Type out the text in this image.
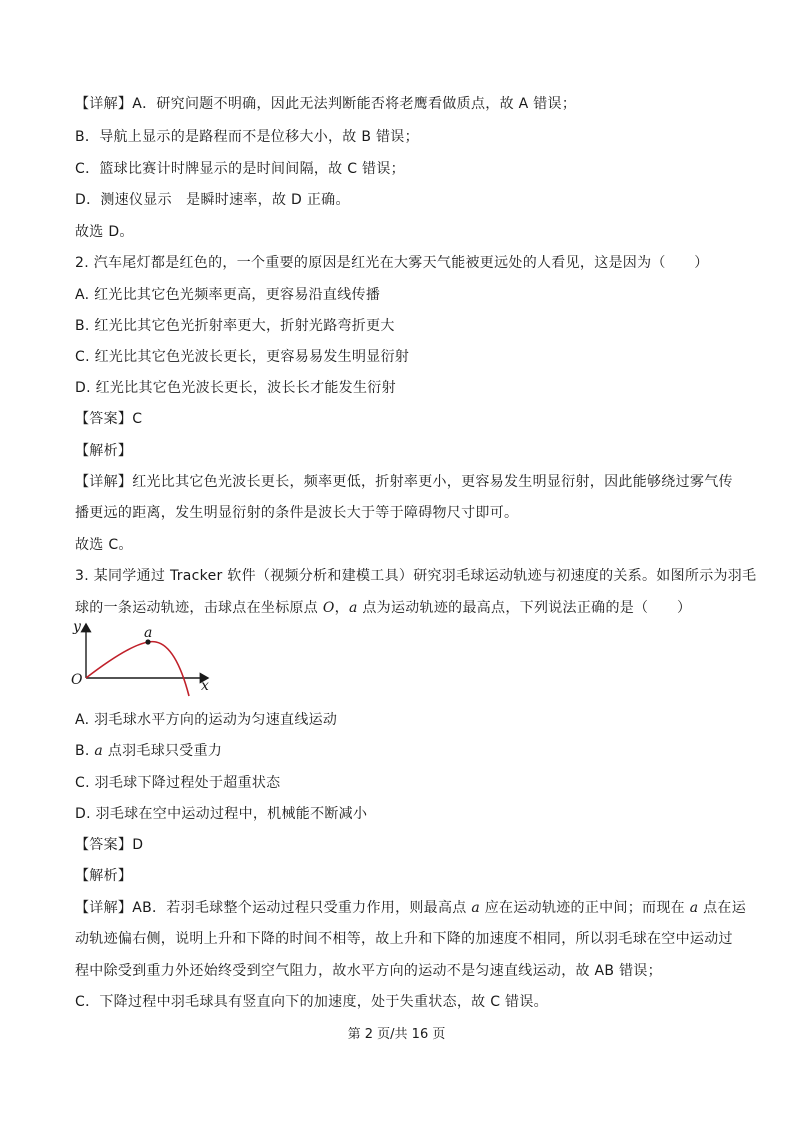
【详解】A．研究问题不明确，因此无法判断能否将老鹰看做质点，故 A 错误；
B．导航上显示的是路程而不是位移大小，故 B 错误；
C．篮球比赛计时牌显示的是时间间隔，故 C 错误；
D．测速仪显示　是瞬时速率，故 D 正确。
故选 D。
2. 汽车尾灯都是红色的，一个重要的原因是红光在大雾天气能被更远处的人看见，这是因为（　　）
A. 红光比其它色光频率更高，更容易沿直线传播
B. 红光比其它色光折射率更大，折射光路弯折更大
C. 红光比其它色光波长更长，更容易易发生明显衍射
D. 红光比其它色光波长更长，波长长才能发生衍射
【答案】C
【解析】
【详解】红光比其它色光波长更长，频率更低，折射率更小，更容易发生明显衍射，因此能够绕过雾气传
播更远的距离，发生明显衍射的条件是波长大于等于障碍物尺寸即可。
故选 C。
3. 某同学通过 Tracker 软件（视频分析和建模工具）研究羽毛球运动轨迹与初速度的关系。如图所示为羽毛
球的一条运动轨迹，击球点在坐标原点 O，a 点为运动轨迹的最高点，下列说法正确的是（　　）
y
x
O
a
A. 羽毛球水平方向的运动为匀速直线运动
B. a 点羽毛球只受重力
C. 羽毛球下降过程处于超重状态
D. 羽毛球在空中运动过程中，机械能不断减小
【答案】D
【解析】
【详解】AB．若羽毛球整个运动过程只受重力作用，则最高点 a 应在运动轨迹的正中间；而现在 a 点在运
动轨迹偏右侧，说明上升和下降的时间不相等，故上升和下降的加速度不相同，所以羽毛球在空中运动过
程中除受到重力外还始终受到空气阻力，故水平方向的运动不是匀速直线运动，故 AB 错误；
C．下降过程中羽毛球具有竖直向下的加速度，处于失重状态，故 C 错误。
第 2 页/共 16 页
